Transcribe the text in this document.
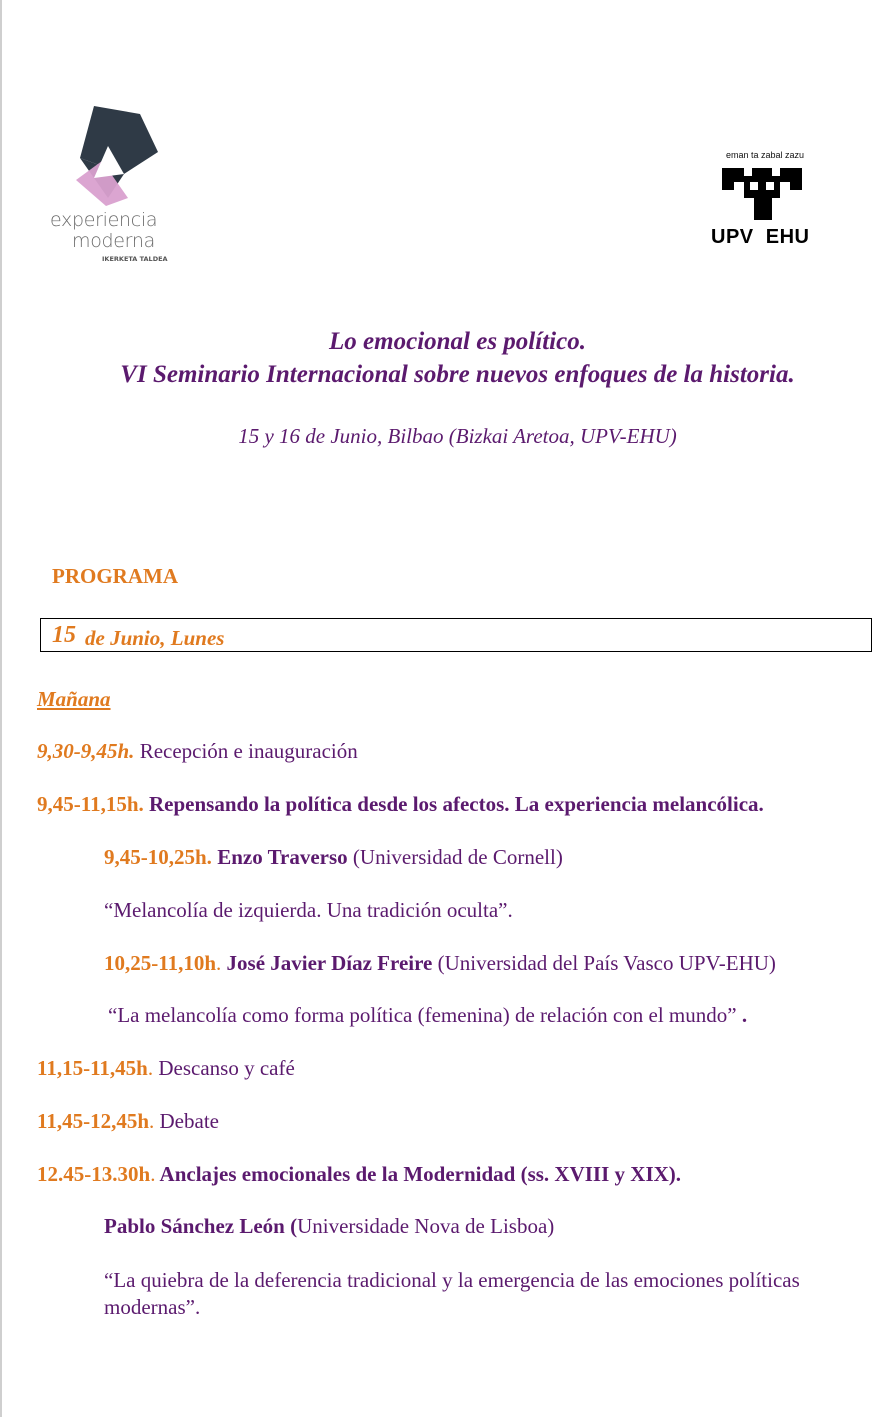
experiencia
moderna
IKERKETA TALDEA
eman ta zabal zazu
UPV  EHU
Lo emocional es político.
VI Seminario Internacional sobre nuevos enfoques de la historia.
15 y 16 de Junio, Bilbao (Bizkai Aretoa, UPV-EHU)
PROGRAMA
15 de Junio, Lunes
Mañana
9,30-9,45h. Recepción e inauguración
9,45-11,15h. Repensando la política desde los afectos. La experiencia melancólica.
9,45-10,25h. Enzo Traverso (Universidad de Cornell)
“Melancolía de izquierda. Una tradición oculta”.
10,25-11,10h. José Javier Díaz Freire (Universidad del País Vasco UPV-EHU)
“La melancolía como forma política (femenina) de relación con el mundo” .
11,15-11,45h. Descanso y café
11,45-12,45h. Debate
12.45-13.30h. Anclajes emocionales de la Modernidad (ss. XVIII y XIX).
Pablo Sánchez León (Universidade Nova de Lisboa)
“La quiebra de la deferencia tradicional y la emergencia de las emociones políticas modernas”.
